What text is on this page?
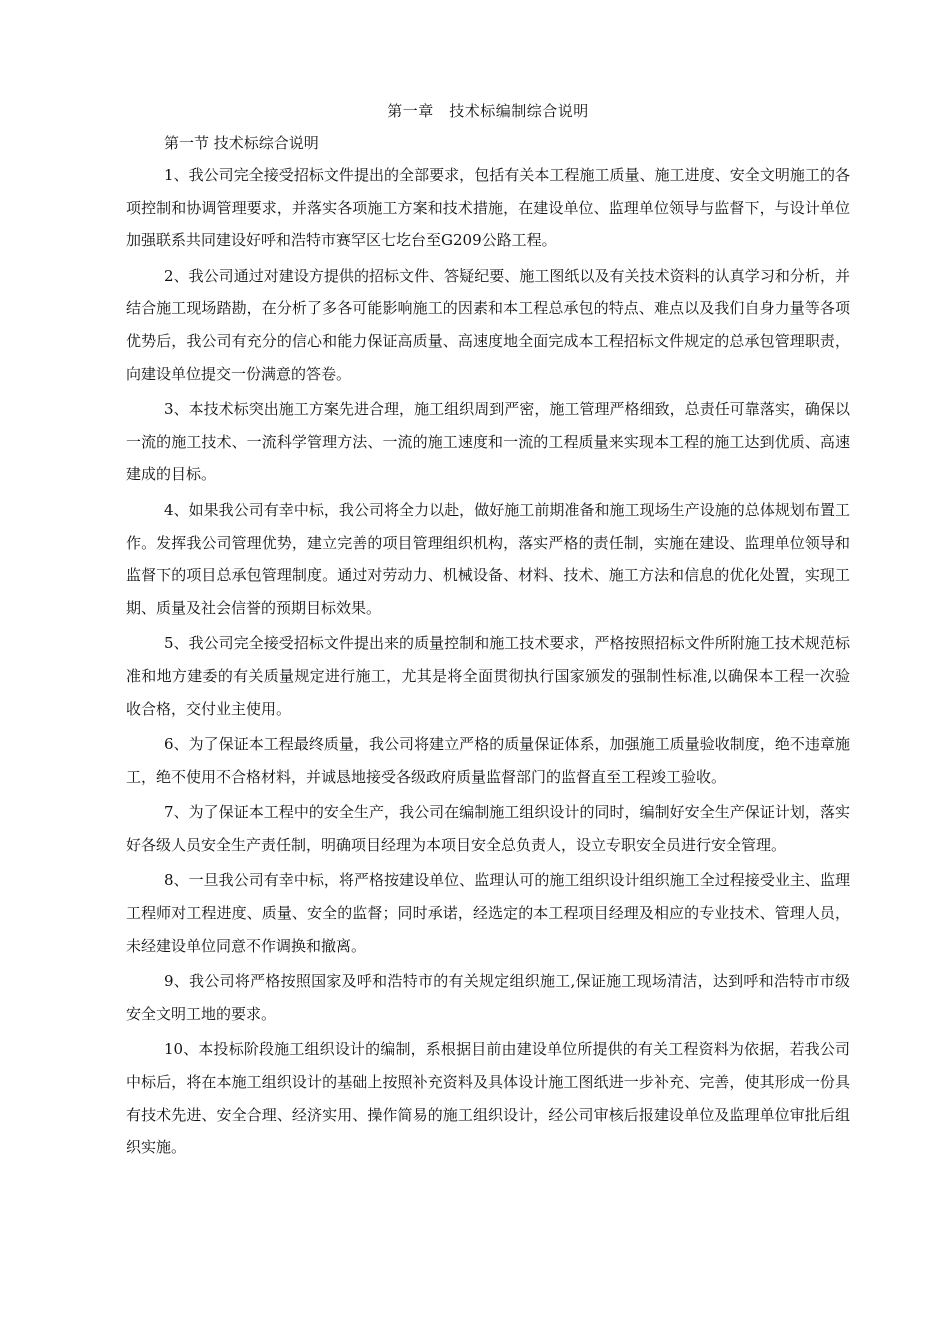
第一章　技术标编制综合说明
第一节 技术标综合说明

1、我公司完全接受招标文件提出的全部要求，包括有关本工程施工质量、施工进度、安全文明施工的各项控制和协调管理要求，并落实各项施工方案和技术措施，在建设单位、监理单位领导与监督下，与设计单位加强联系共同建设好呼和浩特市赛罕区七圪台至G209公路工程。

2、我公司通过对建设方提供的招标文件、答疑纪要、施工图纸以及有关技术资料的认真学习和分析，并结合施工现场踏勘，在分析了多各可能影响施工的因素和本工程总承包的特点、难点以及我们自身力量等各项优势后，我公司有充分的信心和能力保证高质量、高速度地全面完成本工程招标文件规定的总承包管理职责，向建设单位提交一份满意的答卷。

3、本技术标突出施工方案先进合理，施工组织周到严密，施工管理严格细致，总责任可靠落实，确保以一流的施工技术、一流科学管理方法、一流的施工速度和一流的工程质量来实现本工程的施工达到优质、高速建成的目标。

4、如果我公司有幸中标，我公司将全力以赴，做好施工前期准备和施工现场生产设施的总体规划布置工作。发挥我公司管理优势，建立完善的项目管理组织机构，落实严格的责任制，实施在建设、监理单位领导和监督下的项目总承包管理制度。通过对劳动力、机械设备、材料、技术、施工方法和信息的优化处置，实现工期、质量及社会信誉的预期目标效果。

5、我公司完全接受招标文件提出来的质量控制和施工技术要求，严格按照招标文件所附施工技术规范标准和地方建委的有关质量规定进行施工，尤其是将全面贯彻执行国家颁发的强制性标准,以确保本工程一次验收合格，交付业主使用。

6、为了保证本工程最终质量，我公司将建立严格的质量保证体系，加强施工质量验收制度，绝不违章施工，绝不使用不合格材料，并诚恳地接受各级政府质量监督部门的监督直至工程竣工验收。

7、为了保证本工程中的安全生产，我公司在编制施工组织设计的同时，编制好安全生产保证计划，落实好各级人员安全生产责任制，明确项目经理为本项目安全总负责人，设立专职安全员进行安全管理。

8、一旦我公司有幸中标，将严格按建设单位、监理认可的施工组织设计组织施工全过程接受业主、监理工程师对工程进度、质量、安全的监督；同时承诺，经选定的本工程项目经理及相应的专业技术、管理人员，未经建设单位同意不作调换和撤离。

9、我公司将严格按照国家及呼和浩特市的有关规定组织施工,保证施工现场清洁，达到呼和浩特市市级安全文明工地的要求。

10、本投标阶段施工组织设计的编制，系根据目前由建设单位所提供的有关工程资料为依据，若我公司中标后，将在本施工组织设计的基础上按照补充资料及具体设计施工图纸进一步补充、完善，使其形成一份具有技术先进、安全合理、经济实用、操作简易的施工组织设计，经公司审核后报建设单位及监理单位审批后组织实施。
